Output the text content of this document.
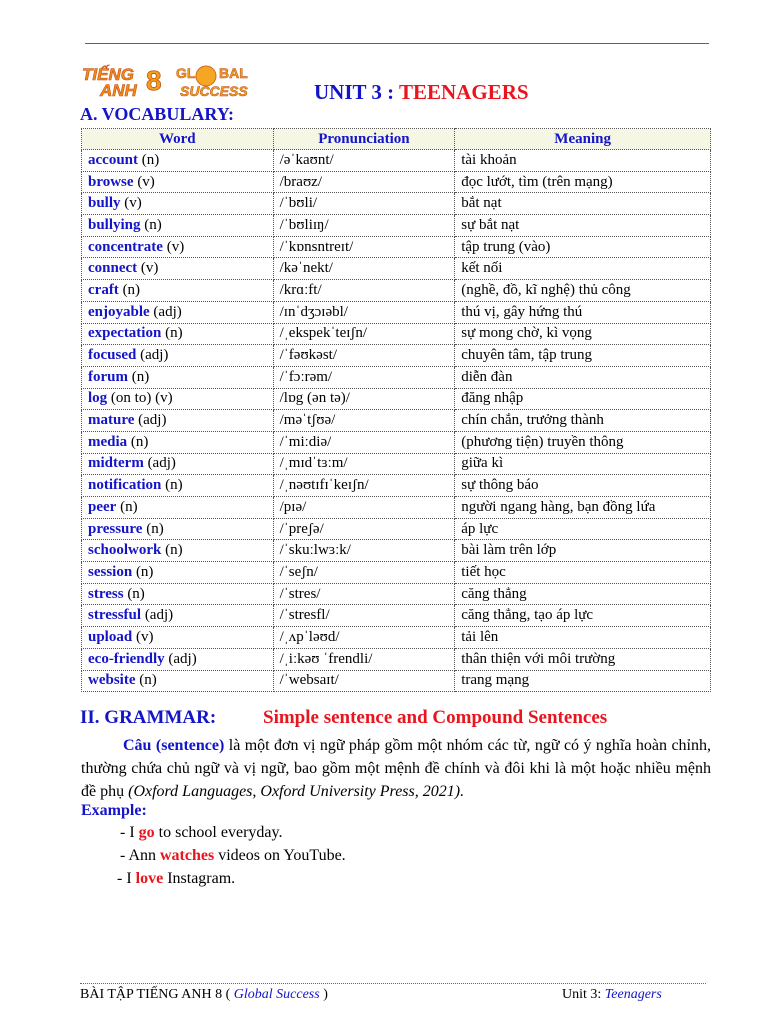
TIẾNG
ANH 8 GL BAL
SUCCESS	UNIT 3 : TEENAGERS
A. VOCABULARY:
Word	Pronunciation	Meaning
account (n)	/əˈkaʊnt/	tài khoản
browse (v)	/braʊz/	đọc lướt, tìm (trên mạng)
bully (v)	/ˈbʊli/	bắt nạt
bullying (n)	/ˈbʊliɪŋ/	sự bắt nạt
concentrate (v)	/ˈkɒnsntreɪt/	tập trung (vào)
connect (v)	/kəˈnekt/	kết nối
craft (n)	/krɑːft/	(nghề, đồ, kĩ nghệ) thủ công
enjoyable (adj)	/ɪnˈdʒɔɪəbl/	thú vị, gây hứng thú
expectation (n)	/ˌekspekˈteɪʃn/	sự mong chờ, kì vọng
focused (adj)	/ˈfəʊkəst/	chuyên tâm, tập trung
forum (n)	/ˈfɔːrəm/	diễn đàn
log (on to) (v)	/lɒg (ən tə)/	đăng nhập
mature (adj)	/məˈtʃʊə/	chín chắn, trưởng thành
media (n)	/ˈmiːdiə/	(phương tiện) truyền thông
midterm (adj)	/ˌmɪdˈtɜːm/	giữa kì
notification (n)	/ˌnəʊtɪfɪˈkeɪʃn/	sự thông báo
peer (n)	/pɪə/	người ngang hàng, bạn đồng lứa
pressure (n)	/ˈpreʃə/	áp lực
schoolwork (n)	/ˈskuːlwɜːk/	bài làm trên lớp
session (n)	/ˈseʃn/	tiết học
stress (n)	/ˈstres/	căng thẳng
stressful (adj)	/ˈstresfl/	căng thẳng, tạo áp lực
upload (v)	/ˌʌpˈləʊd/	tải lên
eco-friendly (adj)	/ˌiːkəʊ ˈfrendli/	thân thiện với môi trường
website (n)	/ˈwebsaɪt/	trang mạng
II. GRAMMAR: Simple sentence and Compound Sentences
Câu (sentence) là một đơn vị ngữ pháp gồm một nhóm các từ, ngữ có ý nghĩa hoàn chỉnh, thường chứa chủ ngữ và vị ngữ, bao gồm một mệnh đề chính và đôi khi là một hoặc nhiều mệnh đề phụ (Oxford Languages, Oxford University Press, 2021).
Example:
- I go to school everyday.
- Ann watches videos on YouTube.
- I love Instagram.
BÀI TẬP TIẾNG ANH 8 ( Global Success )	Unit 3: Teenagers
